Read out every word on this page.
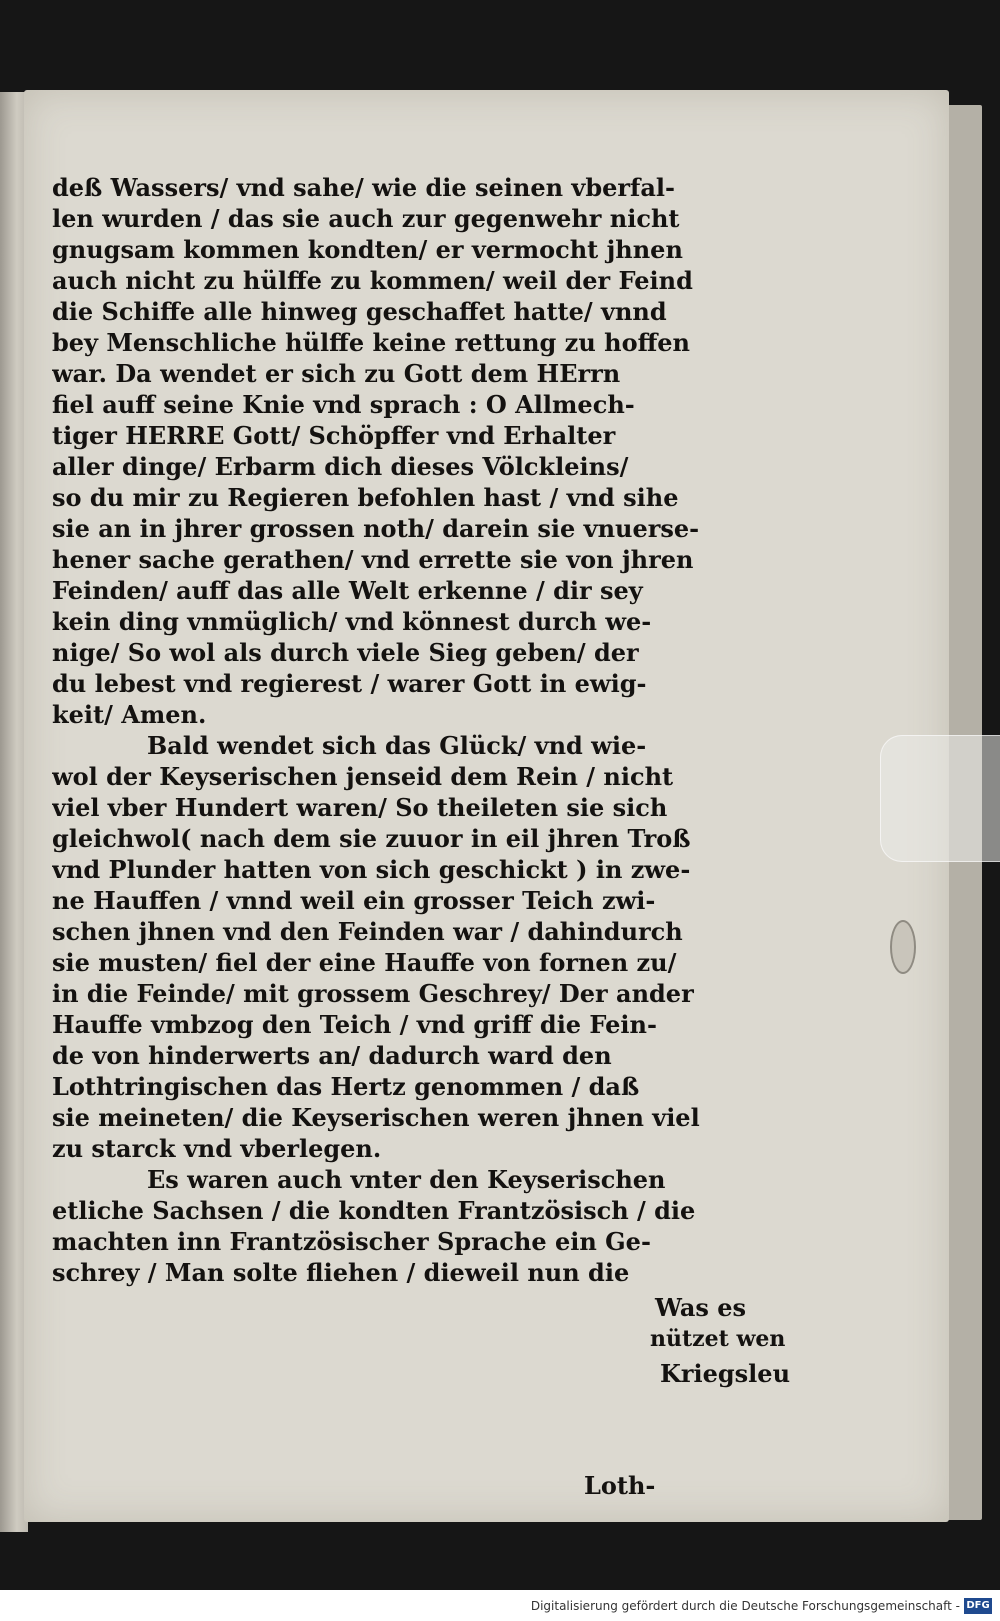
deß Wassers/ vnd sahe/ wie die seinen vberfal-
len wurden / das sie auch zur gegenwehr nicht
gnugsam kommen kondten/ er vermocht jhnen
auch nicht zu hülffe zu kommen/ weil der Feind
die Schiffe alle hinweg geschaffet hatte/ vnnd
bey Menschliche hülffe keine rettung zu hoffen
war. Da wendet er sich zu Gott dem HErrn
fiel auff seine Knie vnd sprach : O Allmech-
tiger HERRE Gott/ Schöpffer vnd Erhalter
aller dinge/ Erbarm dich dieses Völckleins/
so du mir zu Regieren befohlen hast / vnd sihe
sie an in jhrer grossen noth/ darein sie vnuerse-
hener sache gerathen/ vnd errette sie von jhren
Feinden/ auff das alle Welt erkenne / dir sey
kein ding vnmüglich/ vnd könnest durch we-
nige/ So wol als durch viele Sieg geben/ der
du lebest vnd regierest / warer Gott in ewig-
keit/ Amen.
Bald wendet sich das Glück/ vnd wie-
wol der Keyserischen jenseid dem Rein / nicht
viel vber Hundert waren/ So theileten sie sich
gleichwol( nach dem sie zuuor in eil jhren Troß
vnd Plunder hatten von sich geschickt ) in zwe-
ne Hauffen / vnnd weil ein grosser Teich zwi-
schen jhnen vnd den Feinden war / dahindurch
sie musten/ fiel der eine Hauffe von fornen zu/
in die Feinde/ mit grossem Geschrey/ Der ander
Hauffe vmbzog den Teich / vnd griff die Fein-
de von hinderwerts an/ dadurch ward den
Lothtringischen das Hertz genommen / daß
sie meineten/ die Keyserischen weren jhnen viel
zu starck vnd vberlegen.
Es waren auch vnter den Keyserischen
etliche Sachsen / die kondten Frantzösisch / die
machten inn Frantzösischer Sprache ein Ge-
schrey / Man solte fliehen / dieweil nun die
Loth-
Was es
nützet wen
Kriegsleu
Digitalisierung gefördert durch die Deutsche Forschungsgemeinschaft - DFG
